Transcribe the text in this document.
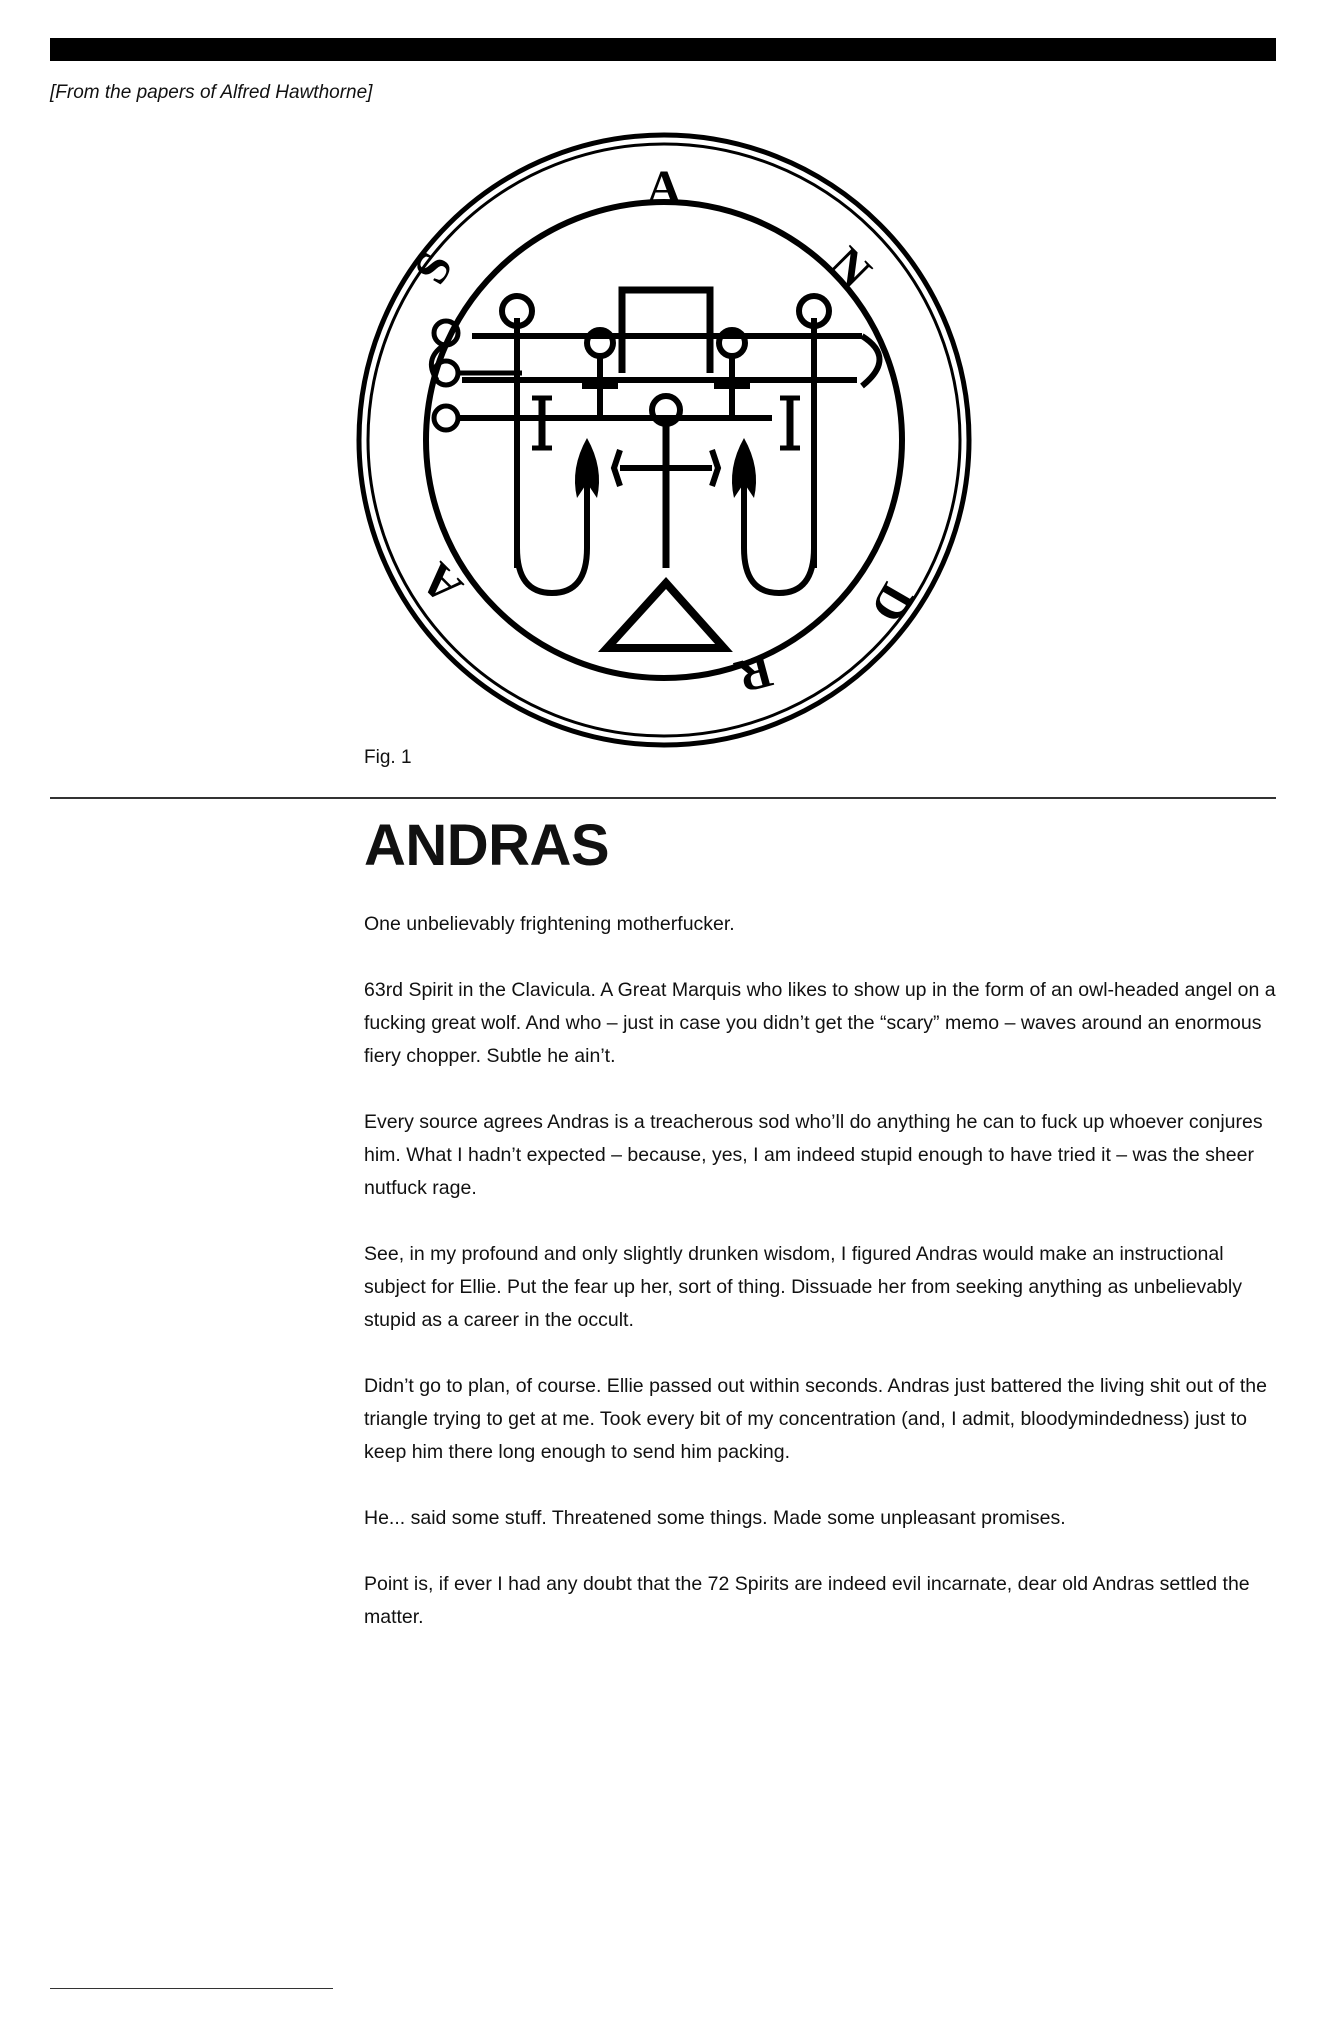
[From the papers of Alfred Hawthorne]
A
N
D
R
A
S
Fig. 1
ANDRAS

One unbelievably frightening motherfucker.

63rd Spirit in the Clavicula. A Great Marquis who likes to show up in the form of an owl-headed angel on a fucking great wolf. And who – just in case you didn’t get the “scary” memo – waves around an enormous fiery chopper. Subtle he ain’t.

Every source agrees Andras is a treacherous sod who’ll do anything he can to fuck up whoever conjures him. What I hadn’t expected – because, yes, I am indeed stupid enough to have tried it – was the sheer nutfuck rage.

See, in my profound and only slightly drunken wisdom, I figured Andras would make an instructional subject for Ellie. Put the fear up her, sort of thing. Dissuade her from seeking anything as unbelievably stupid as a career in the occult.

Didn’t go to plan, of course. Ellie passed out within seconds. Andras just battered the living shit out of the triangle trying to get at me. Took every bit of my concentration (and, I admit, bloodymindedness) just to keep him there long enough to send him packing.

He... said some stuff. Threatened some things. Made some unpleasant promises.

Point is, if ever I had any doubt that the 72 Spirits are indeed evil incarnate, dear old Andras settled the matter.
